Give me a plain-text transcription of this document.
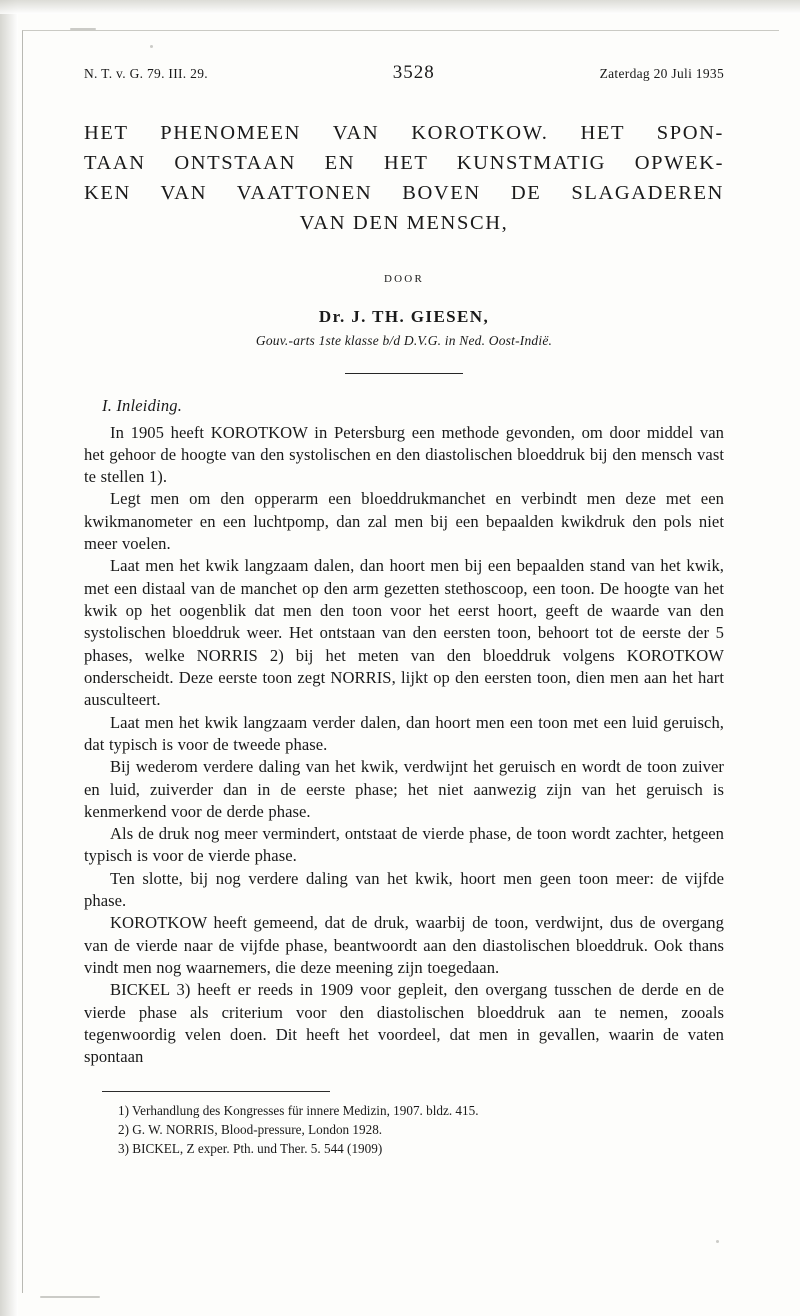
N. T. v. G. 79. III. 29.	3528	Zaterdag 20 Juli 1935
HET PHENOMEEN VAN KOROTKOW. HET SPON-
TAAN ONTSTAAN EN HET KUNSTMATIG OPWEK-
KEN VAN VAATTONEN BOVEN DE SLAGADEREN
VAN DEN MENSCH,
DOOR
Dr. J. TH. GIESEN,
Gouv.-arts 1ste klasse b/d D.V.G. in Ned. Oost-Indië.
I. Inleiding.

In 1905 heeft KOROTKOW in Petersburg een methode gevonden, om door middel van het gehoor de hoogte van den systolischen en den diastolischen bloeddruk bij den mensch vast te stellen 1).

Legt men om den opperarm een bloeddrukmanchet en verbindt men deze met een kwikmanometer en een luchtpomp, dan zal men bij een bepaalden kwikdruk den pols niet meer voelen.

Laat men het kwik langzaam dalen, dan hoort men bij een bepaalden stand van het kwik, met een distaal van de manchet op den arm gezetten stethoscoop, een toon. De hoogte van het kwik op het oogenblik dat men den toon voor het eerst hoort, geeft de waarde van den systolischen bloeddruk weer. Het ontstaan van den eersten toon, behoort tot de eerste der 5 phases, welke NORRIS 2) bij het meten van den bloeddruk volgens KOROTKOW onderscheidt. Deze eerste toon zegt NORRIS, lijkt op den eersten toon, dien men aan het hart ausculteert.

Laat men het kwik langzaam verder dalen, dan hoort men een toon met een luid geruisch, dat typisch is voor de tweede phase.

Bij wederom verdere daling van het kwik, verdwijnt het geruisch en wordt de toon zuiver en luid, zuiverder dan in de eerste phase; het niet aanwezig zijn van het geruisch is kenmerkend voor de derde phase.

Als de druk nog meer vermindert, ontstaat de vierde phase, de toon wordt zachter, hetgeen typisch is voor de vierde phase.

Ten slotte, bij nog verdere daling van het kwik, hoort men geen toon meer: de vijfde phase.

KOROTKOW heeft gemeend, dat de druk, waarbij de toon, verdwijnt, dus de overgang van de vierde naar de vijfde phase, beantwoordt aan den diastolischen bloeddruk. Ook thans vindt men nog waarnemers, die deze meening zijn toegedaan.

BICKEL 3) heeft er reeds in 1909 voor gepleit, den overgang tusschen de derde en de vierde phase als criterium voor den diastolischen bloeddruk aan te nemen, zooals tegenwoordig velen doen. Dit heeft het voordeel, dat men in gevallen, waarin de vaten spontaan

1) Verhandlung des Kongresses für innere Medizin, 1907. bldz. 415.
2) G. W. NORRIS, Blood-pressure, London 1928.
3) BICKEL, Z exper. Pth. und Ther. 5. 544 (1909)
